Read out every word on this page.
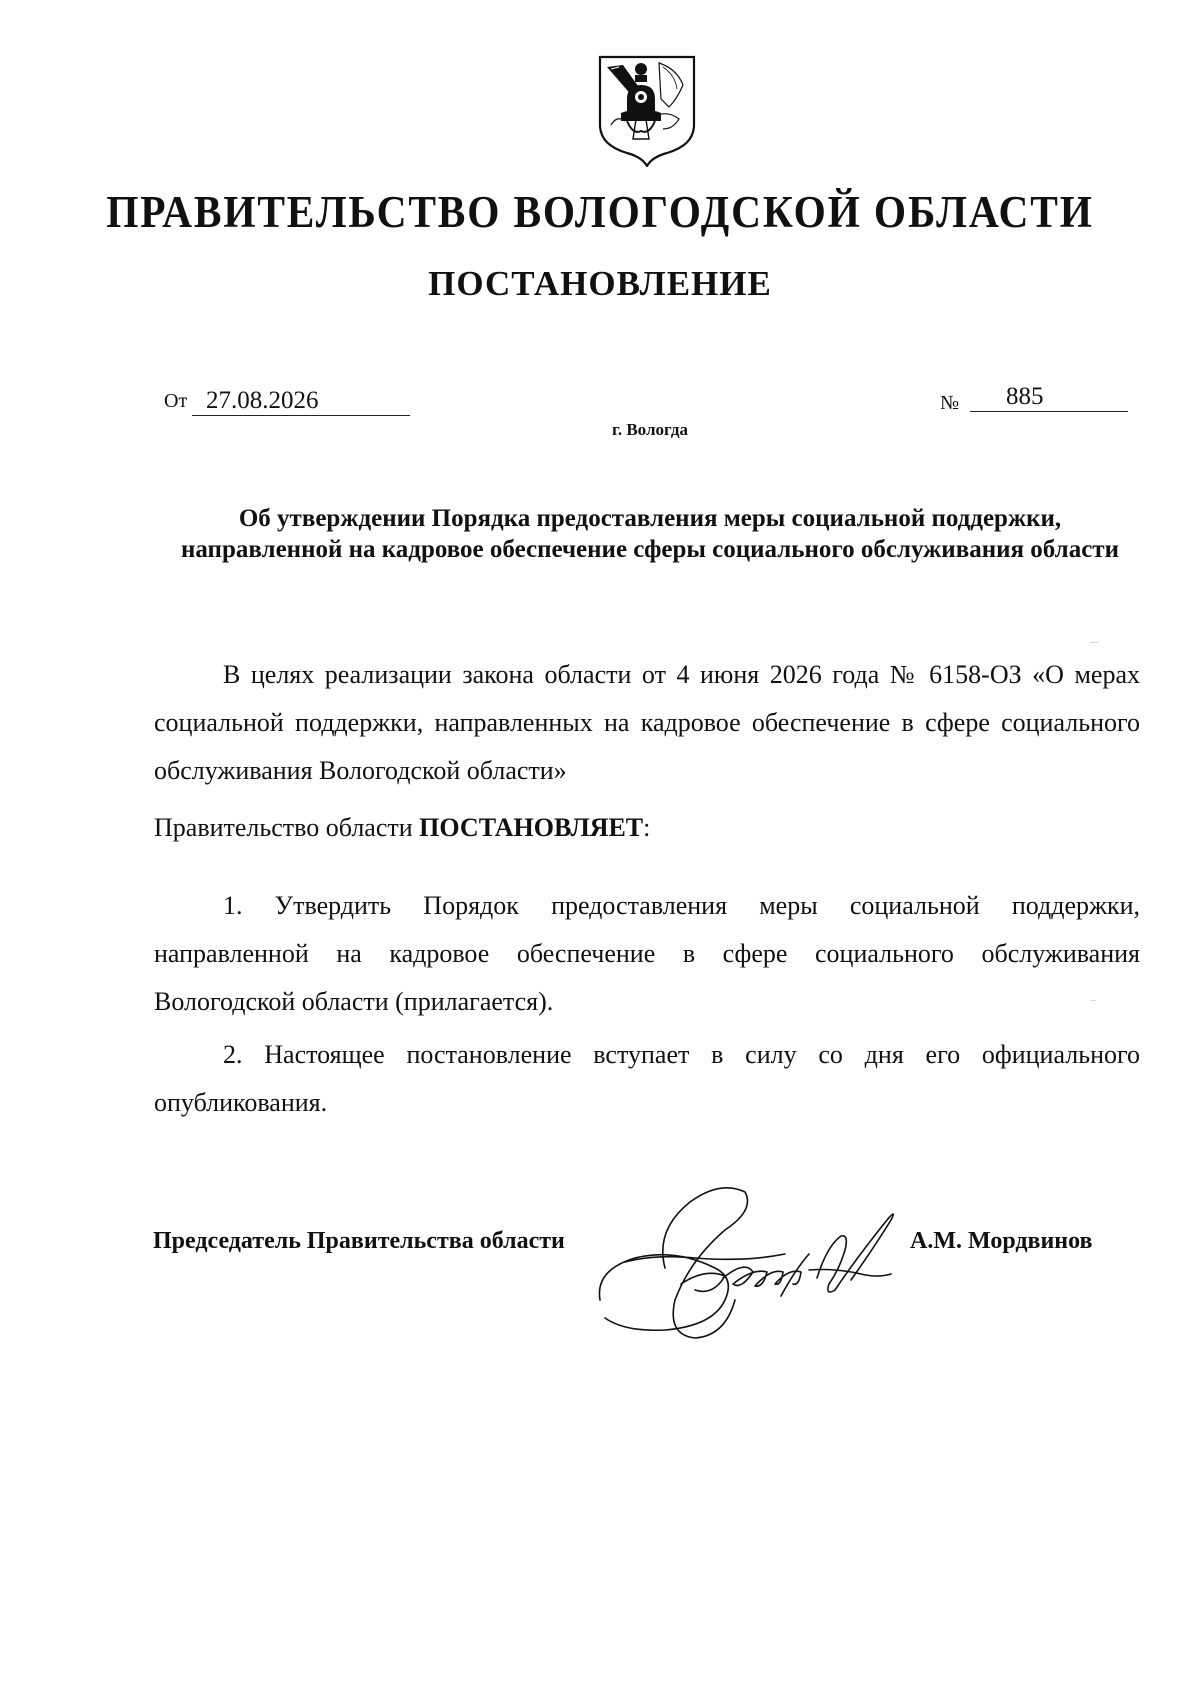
ПРАВИТЕЛЬСТВО ВОЛОГОДСКОЙ ОБЛАСТИ
ПОСТАНОВЛЕНИЕ
От 27.08.2026	№	885
г. Вологда
Об утверждении Порядка предоставления меры социальной поддержки, направленной на кадровое обеспечение сферы социального обслуживания области
В целях реализации закона области от 4 июня 2026 года № 6158-ОЗ «О мерах социальной поддержки, направленных на кадровое обеспечение в сфере социального обслуживания Вологодской области»
Правительство области ПОСТАНОВЛЯЕТ:
1. Утвердить Порядок предоставления меры социальной поддержки, направленной на кадровое обеспечение в сфере социального обслуживания Вологодской области (прилагается).
2. Настоящее постановление вступает в силу со дня его официального опубликования.
Председатель Правительства области	А.М. Мордвинов
